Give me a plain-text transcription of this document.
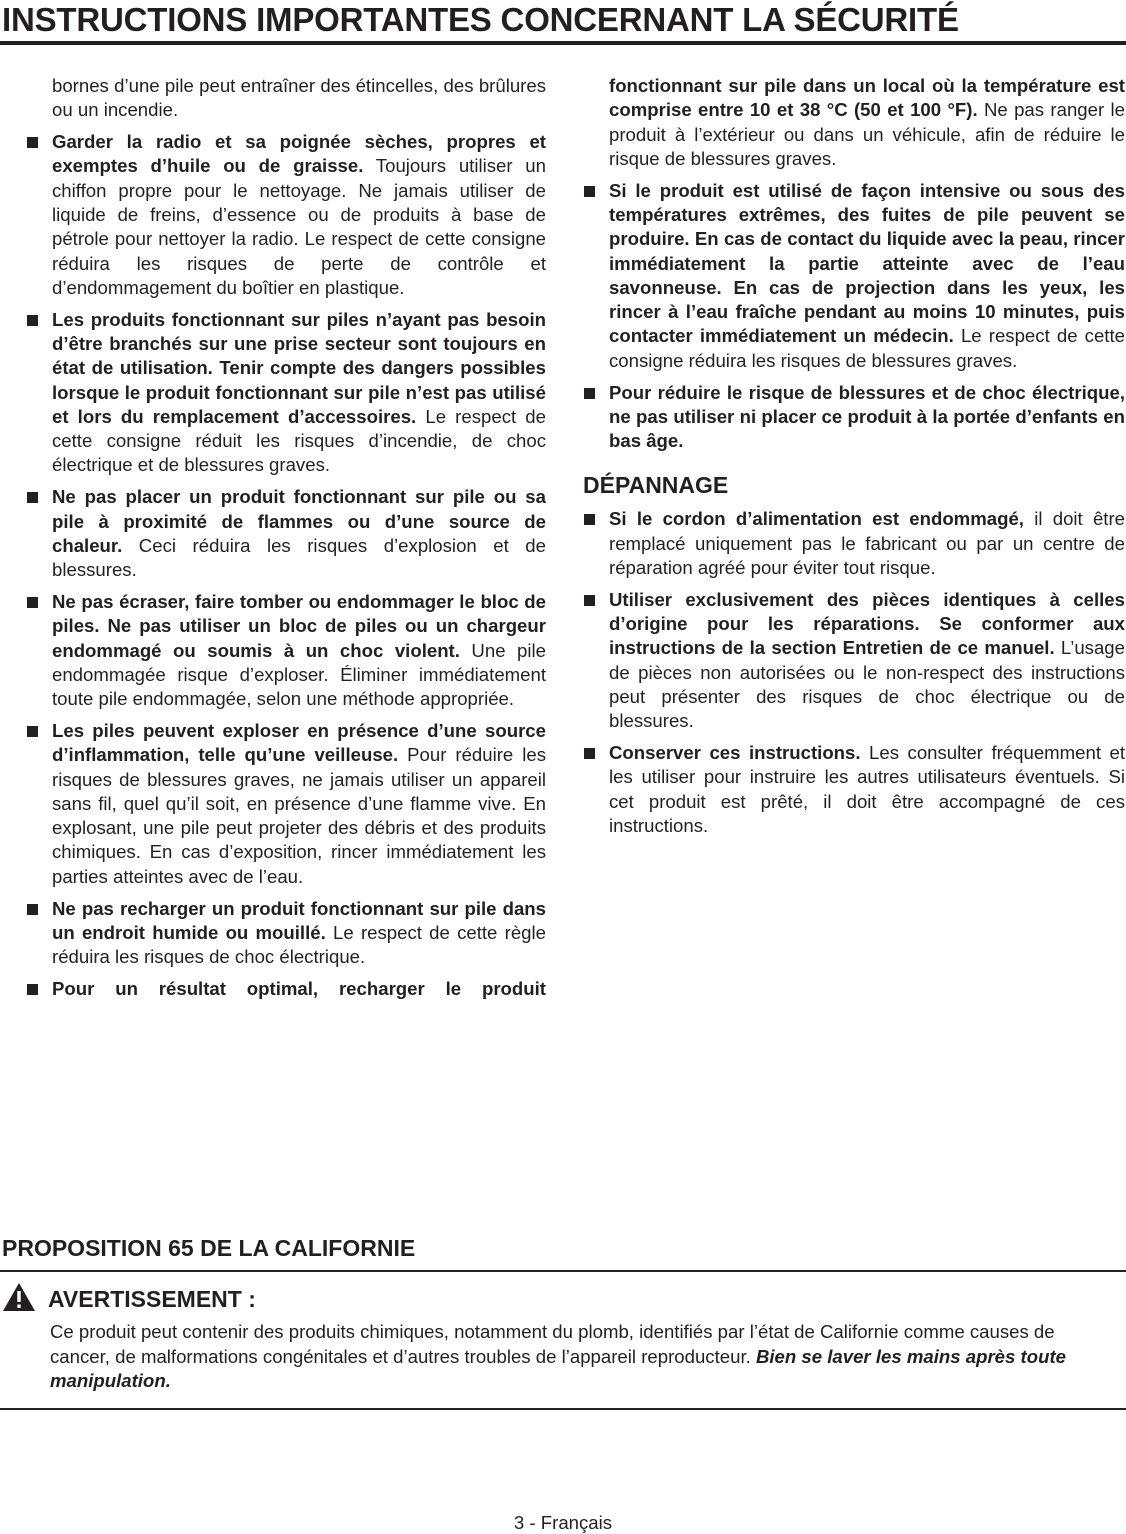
INSTRUCTIONS IMPORTANTES CONCERNANT LA SÉCURITÉ

bornes d’une pile peut entraîner des étincelles, des brûlures ou un incendie.

Garder la radio et sa poignée sèches, propres et exemptes d’huile ou de graisse. Toujours utiliser un chiffon propre pour le nettoyage. Ne jamais utiliser de liquide de freins, d’essence ou de produits à base de pétrole pour nettoyer la radio. Le respect de cette consigne réduira les risques de perte de contrôle et d’endommagement du boîtier en plastique.
Les produits fonctionnant sur piles n’ayant pas besoin d’être branchés sur une prise secteur sont toujours en état de utilisation. Tenir compte des dangers possibles lorsque le produit fonctionnant sur pile n’est pas utilisé et lors du remplacement d’accessoires. Le respect de cette consigne réduit les risques d’incendie, de choc électrique et de blessures graves.
Ne pas placer un produit fonctionnant sur pile ou sa pile à proximité de flammes ou d’une source de chaleur. Ceci réduira les risques d’explosion et de blessures.
Ne pas écraser, faire tomber ou endommager le bloc de piles. Ne pas utiliser un bloc de piles ou un chargeur endommagé ou soumis à un choc violent. Une pile endommagée risque d’exploser. Éliminer immédiatement toute pile endommagée, selon une méthode appropriée.
Les piles peuvent exploser en présence d’une source d’inflammation, telle qu’une veilleuse. Pour réduire les risques de blessures graves, ne jamais utiliser un appareil sans fil, quel qu’il soit, en présence d’une flamme vive. En explosant, une pile peut projeter des débris et des produits chimiques. En cas d’exposition, rincer immédiatement les parties atteintes avec de l’eau.
Ne pas recharger un produit fonctionnant sur pile dans un endroit humide ou mouillé. Le respect de cette règle réduira les risques de choc électrique.
Pour un résultat optimal, recharger le produit
fonctionnant sur pile dans un local où la température est comprise entre 10 et 38 °C (50 et 100 °F). Ne pas ranger le produit à l’extérieur ou dans un véhicule, afin de réduire le risque de blessures graves.
Si le produit est utilisé de façon intensive ou sous des températures extrêmes, des fuites de pile peuvent se produire. En cas de contact du liquide avec la peau, rincer immédiatement la partie atteinte avec de l’eau savonneuse. En cas de projection dans les yeux, les rincer à l’eau fraîche pendant au moins 10 minutes, puis contacter immédiatement un médecin. Le respect de cette consigne réduira les risques de blessures graves.
Pour réduire le risque de blessures et de choc électrique, ne pas utiliser ni placer ce produit à la portée d’enfants en bas âge.
DÉPANNAGE
Si le cordon d’alimentation est endommagé, il doit être remplacé uniquement pas le fabricant ou par un centre de réparation agréé pour éviter tout risque.
Utiliser exclusivement des pièces identiques à celles d’origine pour les réparations. Se conformer aux instructions de la section Entretien de ce manuel. L’usage de pièces non autorisées ou le non-respect des instructions peut présenter des risques de choc électrique ou de blessures.
Conserver ces instructions. Les consulter fréquemment et les utiliser pour instruire les autres utilisateurs éventuels. Si cet produit est prêté, il doit être accompagné de ces instructions.
PROPOSITION 65 DE LA CALIFORNIE
AVERTISSEMENT :

Ce produit peut contenir des produits chimiques, notamment du plomb, identifiés par l’état de Californie comme causes de cancer, de malformations congénitales et d’autres troubles de l’appareil reproducteur. Bien se laver les mains après toute manipulation.

3 - Français
